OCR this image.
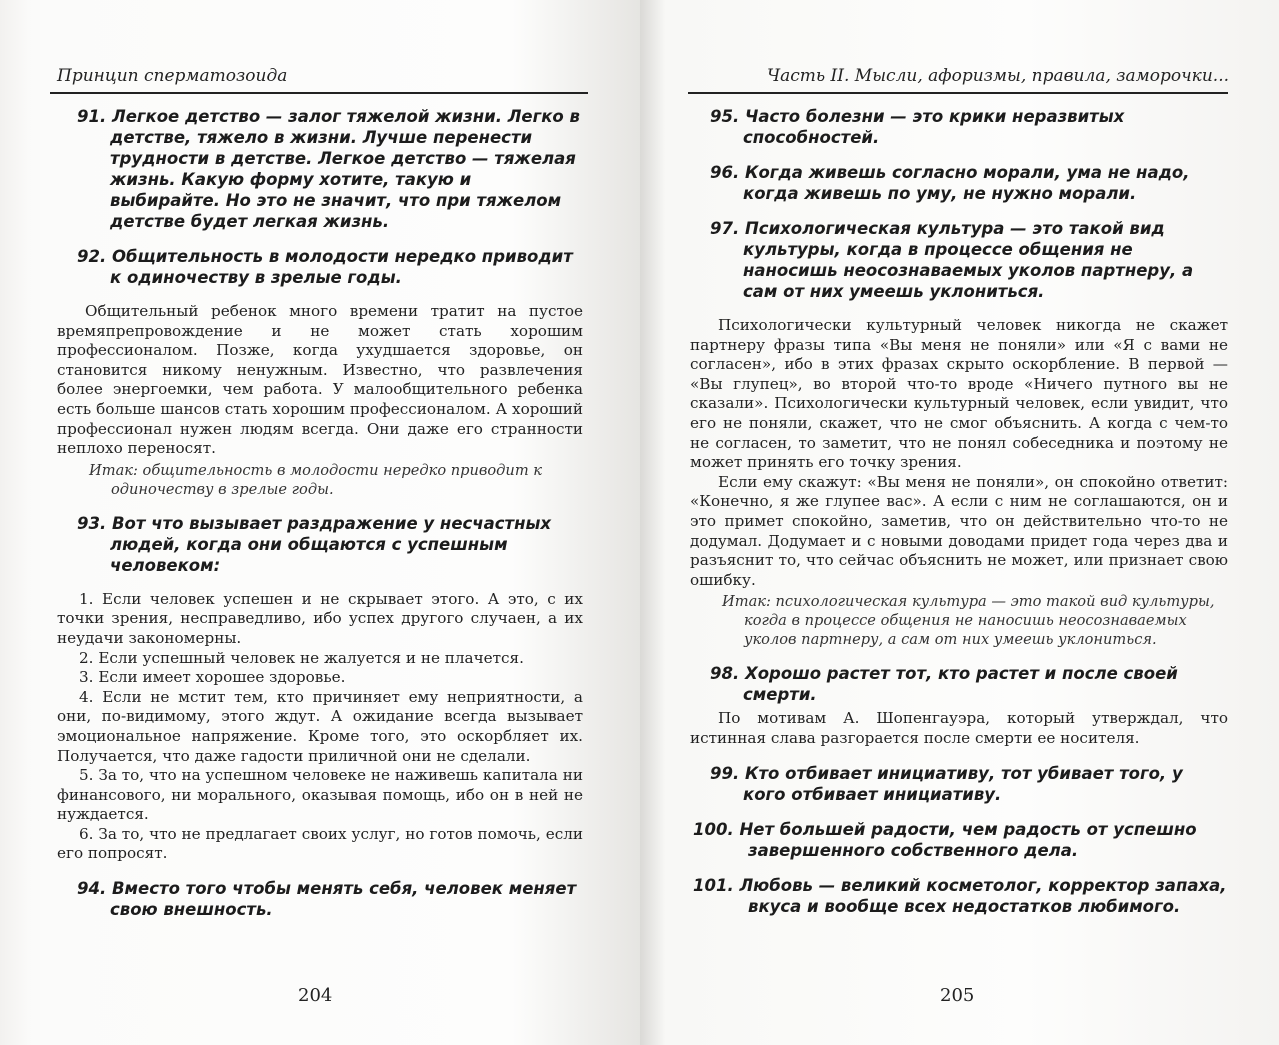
Принцип сперматозоида
91. Легкое детство — залог тяжелой жизни. Легко в детстве, тяжело в жизни. Лучше перенести трудности в детстве. Легкое детство — тяжелая жизнь. Какую форму хотите, такую и выбирайте. Но это не значит, что при тяжелом детстве будет легкая жизнь.
92. Общительность в молодости нередко приводит к одиночеству в зрелые годы.

Общительный ребенок много времени тратит на пустое времяпрепровождение и не может стать хорошим профессионалом. Позже, когда ухудшается здоровье, он становится никому ненужным. Известно, что развлечения более энергоемки, чем работа. У малообщительного ребенка есть больше шансов стать хорошим профессионалом. А хороший профессионал нужен людям всегда. Они даже его странности неплохо переносят.

Итак: общительность в молодости нередко приводит к одиночеству в зрелые годы.
93. Вот что вызывает раздражение у несчастных людей, когда они общаются с успешным человеком:

1. Если человек успешен и не скрывает этого. А это, с их точки зрения, несправедливо, ибо успех другого случаен, а их неудачи закономерны.

2. Если успешный человек не жалуется и не плачется.

3. Если имеет хорошее здоровье.

4. Если не мстит тем, кто причиняет ему неприятности, а они, по-видимому, этого ждут. А ожидание всегда вызывает эмоциональное напряжение. Кроме того, это оскорбляет их. Получается, что даже гадости приличной они не сделали.

5. За то, что на успешном человеке не наживешь капитала ни финансового, ни морального, оказывая помощь, ибо он в ней не нуждается.

6. За то, что не предлагает своих услуг, но готов помочь, если его попросят.

94. Вместо того чтобы менять себя, человек меняет свою внешность.
204
Часть II. Мысли, афоризмы, правила, заморочки...
95. Часто болезни — это крики неразвитых способностей.
96. Когда живешь согласно морали, ума не надо, когда живешь по уму, не нужно морали.
97. Психологическая культура — это такой вид культуры, когда в процессе общения не наносишь неосознаваемых уколов партнеру, а сам от них умеешь уклониться.

Психологически культурный человек никогда не скажет партнеру фразы типа «Вы меня не поняли» или «Я с вами не согласен», ибо в этих фразах скрыто оскорбление. В первой — «Вы глупец», во второй что-то вроде «Ничего путного вы не сказали». Психологически культурный человек, если увидит, что его не поняли, скажет, что не смог объяснить. А когда с чем-то не согласен, то заметит, что не понял собеседника и поэтому не может принять его точку зрения.

Если ему скажут: «Вы меня не поняли», он спокойно ответит: «Конечно, я же глупее вас». А если с ним не соглашаются, он и это примет спокойно, заметив, что он действительно что-то не додумал. Додумает и с новыми доводами придет года через два и разъяснит то, что сейчас объяснить не может, или признает свою ошибку.

Итак: психологическая культура — это такой вид культуры, когда в процессе общения не наносишь неосознаваемых уколов партнеру, а сам от них умеешь уклониться.
98. Хорошо растет тот, кто растет и после своей смерти.

По мотивам А. Шопенгауэра, который утверждал, что истинная слава разгорается после смерти ее носителя.

99. Кто отбивает инициативу, тот убивает того, у кого отбивает инициативу.
100. Нет большей радости, чем радость от успешно завершенного собственного дела.
101. Любовь — великий косметолог, корректор запаха, вкуса и вообще всех недостатков любимого.
205
